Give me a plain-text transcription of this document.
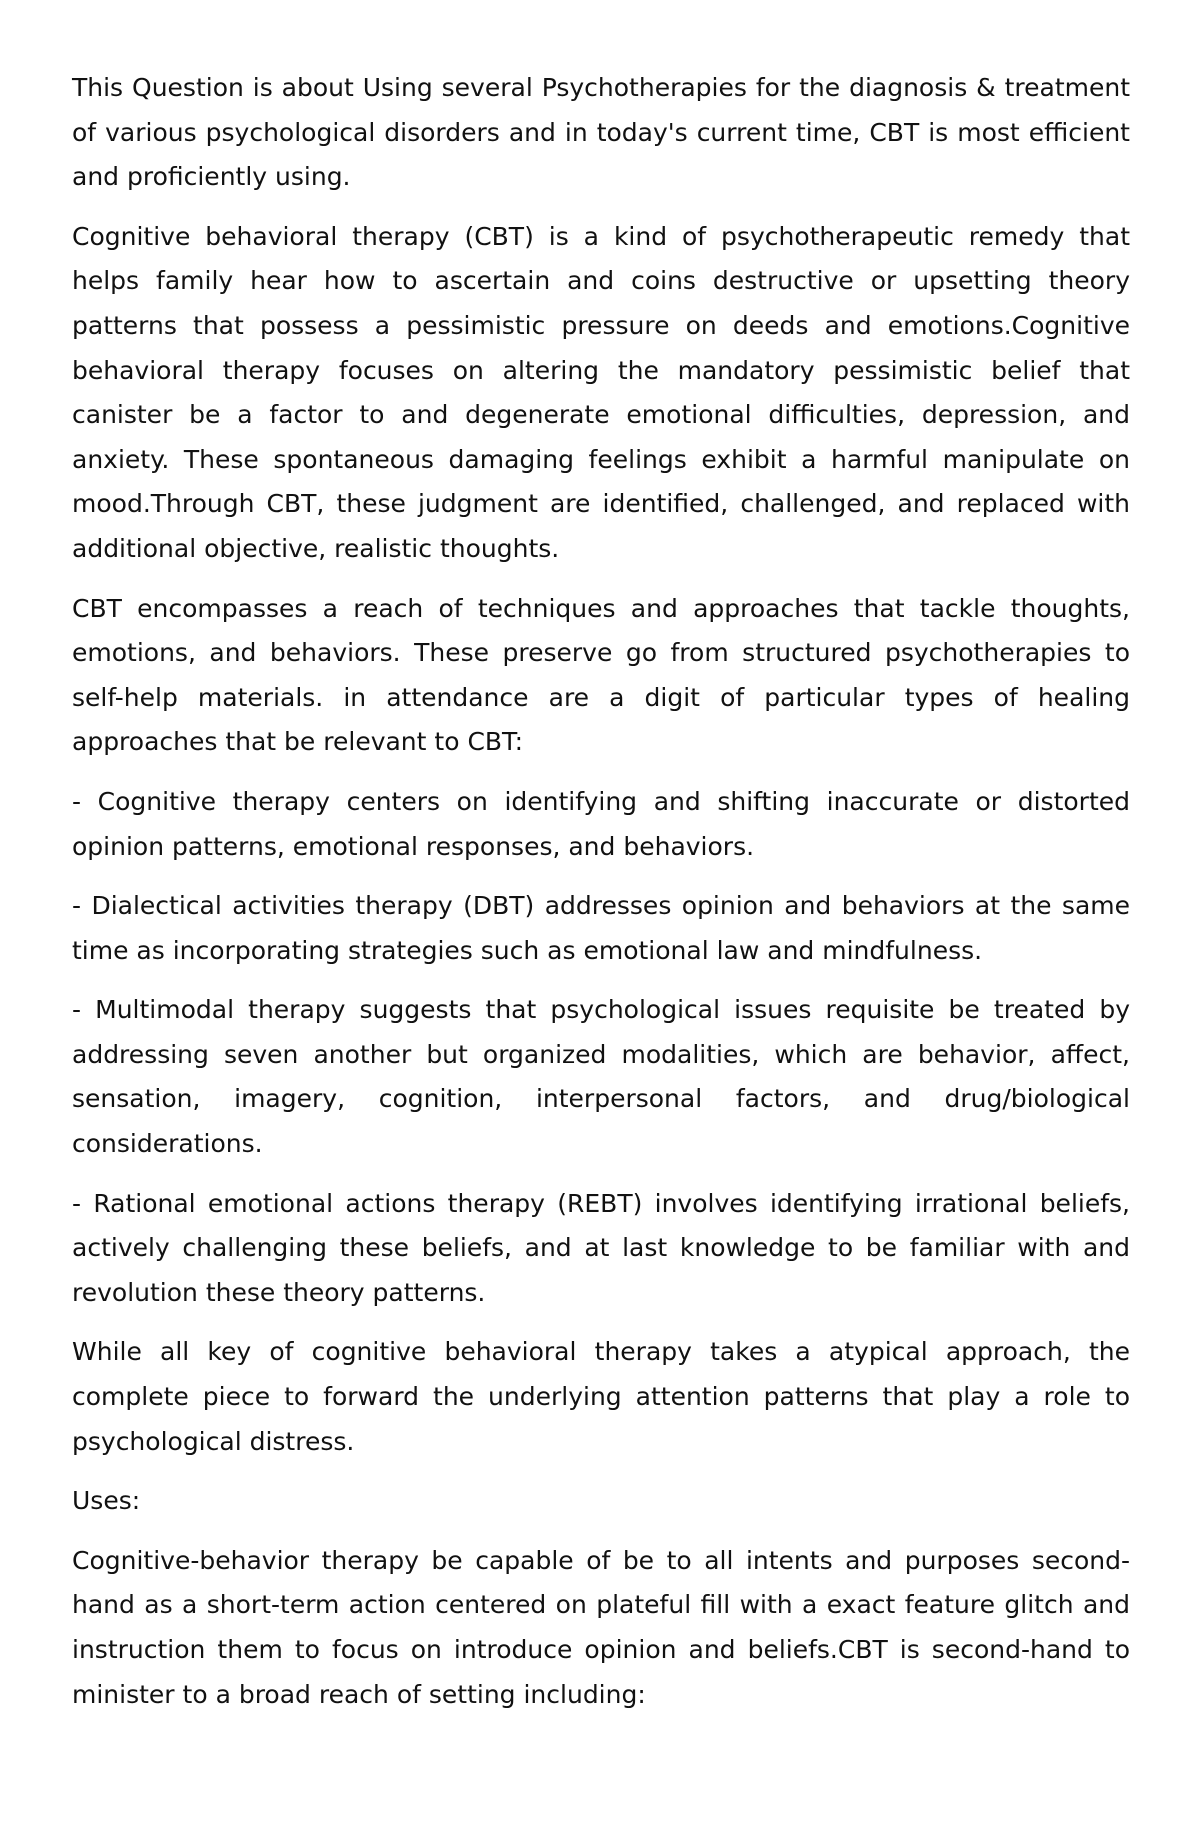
This Question is about Using several Psychotherapies for the diagnosis & treatment of various psychological disorders and in today's current time, CBT is most efficient and proficiently using.

Cognitive behavioral therapy (CBT) is a kind of psychotherapeutic remedy that helps family hear how to ascertain and coins destructive or upsetting theory patterns that possess a pessimistic pressure on deeds and emotions.Cognitive behavioral therapy focuses on altering the mandatory pessimistic belief that canister be a factor to and degenerate emotional difficulties, depression, and anxiety. These spontaneous damaging feelings exhibit a harmful manipulate on mood.Through CBT, these judgment are identified, challenged, and replaced with additional objective, realistic thoughts.

CBT encompasses a reach of techniques and approaches that tackle thoughts, emotions, and behaviors. These preserve go from structured psychotherapies to self-help materials. in attendance are a digit of particular types of healing approaches that be relevant to CBT:

- Cognitive therapy centers on identifying and shifting inaccurate or distorted opinion patterns, emotional responses, and behaviors.

- Dialectical activities therapy (DBT) addresses opinion and behaviors at the same time as incorporating strategies such as emotional law and mindfulness.

- Multimodal therapy suggests that psychological issues requisite be treated by addressing seven another but organized modalities, which are behavior, affect, sensation, imagery, cognition, interpersonal factors, and drug/biological considerations.

- Rational emotional actions therapy (REBT) involves identifying irrational beliefs, actively challenging these beliefs, and at last knowledge to be familiar with and revolution these theory patterns.

While all key of cognitive behavioral therapy takes a atypical approach, the complete piece to forward the underlying attention patterns that play a role to psychological distress.

Uses:

Cognitive-behavior therapy be capable of be to all intents and purposes second-hand as a short-term action centered on plateful fill with a exact feature glitch and instruction them to focus on introduce opinion and beliefs.CBT is second-hand to minister to a broad reach of setting including:
